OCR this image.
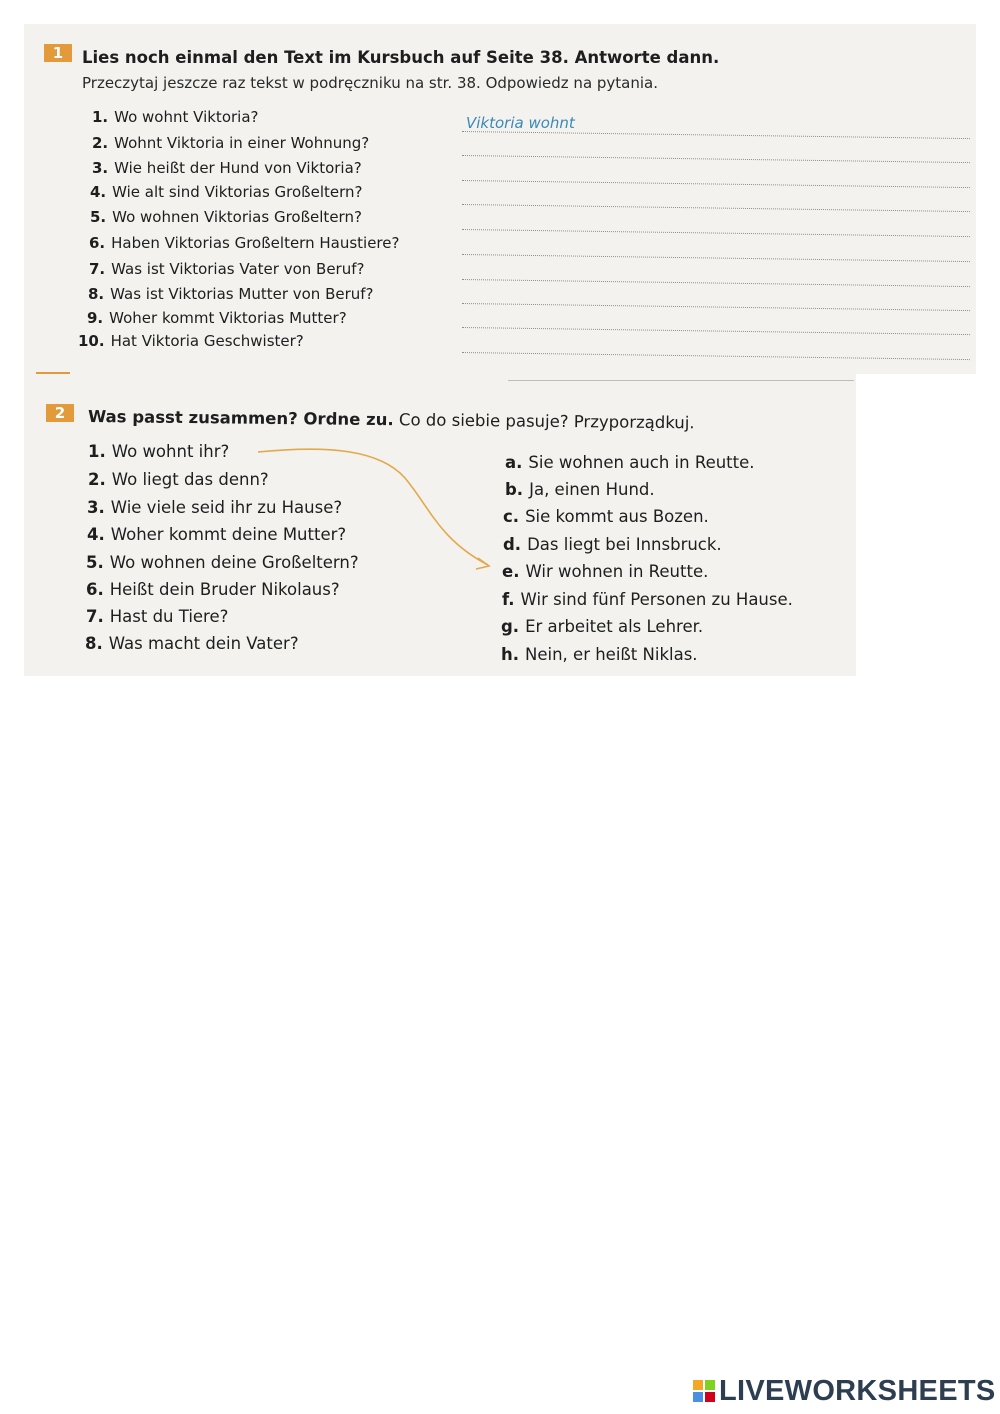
1	Lies noch einmal den Text im Kursbuch auf Seite 38. Antworte dann.
Przeczytaj jeszcze raz tekst w podręczniku na str. 38. Odpowiedz na pytania.
1. Wo wohnt Viktoria?
2. Wohnt Viktoria in einer Wohnung?
3. Wie heißt der Hund von Viktoria?
4. Wie alt sind Viktorias Großeltern?
5. Wo wohnen Viktorias Großeltern?
6. Haben Viktorias Großeltern Haustiere?
7. Was ist Viktorias Vater von Beruf?
8. Was ist Viktorias Mutter von Beruf?
9. Woher kommt Viktorias Mutter?
10. Hat Viktoria Geschwister?
Viktoria wohnt
2	Was passt zusammen? Ordne zu. Co do siebie pasuje? Przyporządkuj.
1. Wo wohnt ihr?
2. Wo liegt das denn?
3. Wie viele seid ihr zu Hause?
4. Woher kommt deine Mutter?
5. Wo wohnen deine Großeltern?
6. Heißt dein Bruder Nikolaus?
7. Hast du Tiere?
8. Was macht dein Vater?
a. Sie wohnen auch in Reutte.
b. Ja, einen Hund.
c. Sie kommt aus Bozen.
d. Das liegt bei Innsbruck.
e. Wir wohnen in Reutte.
f. Wir sind fünf Personen zu Hause.
g. Er arbeitet als Lehrer.
h. Nein, er heißt Niklas.
LIVEWORKSHEETS
